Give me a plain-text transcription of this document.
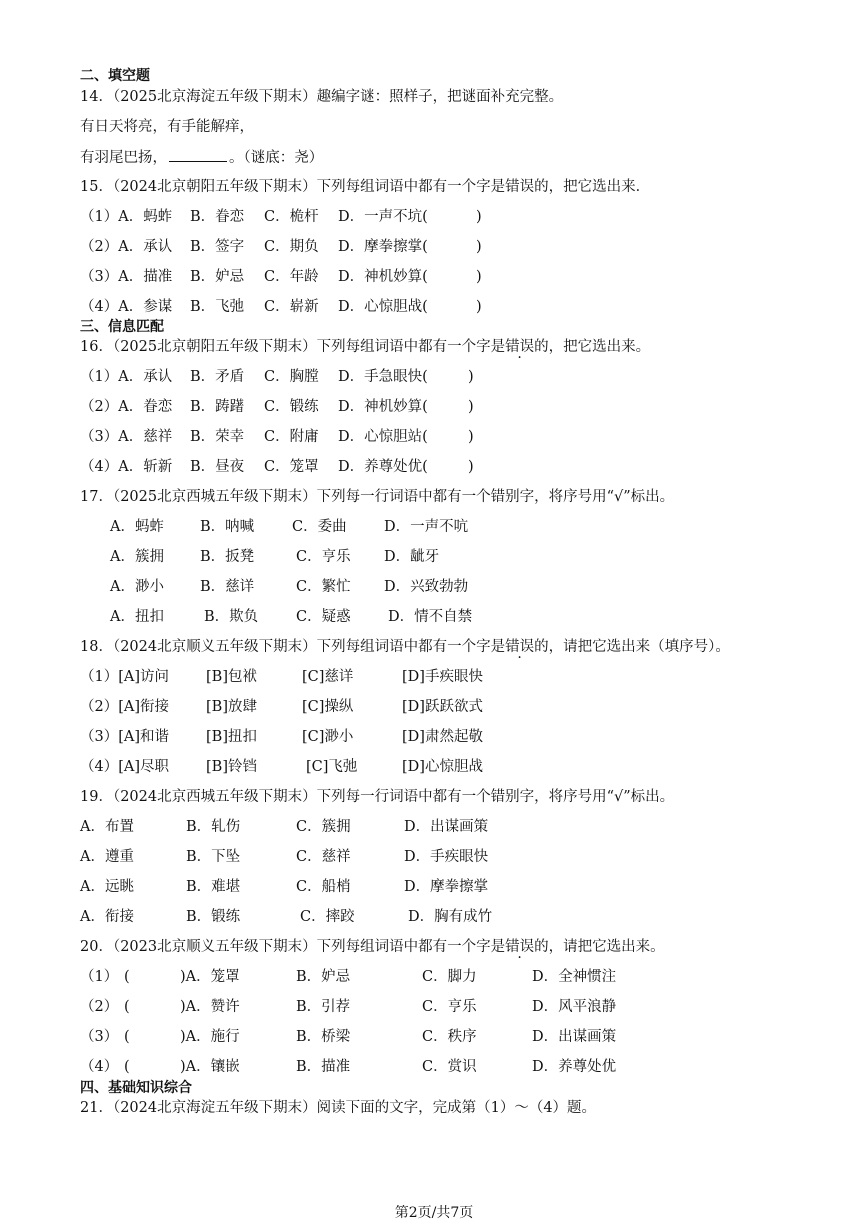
二、填空题
14．（2025北京海淀五年级下期末）趣编字谜：照样子，把谜面补充完整。
有日天将亮，有手能解痒，
有羽尾巴扬，	。（谜底：尧）
15．（2024北京朝阳五年级下期末）下列每组词语中都有一个字是错误的，把它选出来．
（1）A．蚂蚱 B．眷恋 C．桅杆 D．一声不坑(	)
（2）A．承认 B．签字 C．期负 D．摩拳擦掌(	)
（3）A．描准 B．妒忌 C．年龄 D．神机妙算(	)
（4）A．参谋 B．飞弛 C．崭新 D．心惊胆战(	)
三、信息匹配
16．（2025北京朝阳五年级下期末）下列每组词语中都有一个字是错误的，把它选出来。
（1）A．承认 B．矛盾 C．胸膛 D．手急眼快(	)
（2）A．眷恋 B．踌躇 C．锻练 D．神机妙算(	)
（3）A．慈祥 B．荣幸 C．附庸 D．心惊胆站(	)
（4）A．斩新 B．昼夜 C．笼罩 D．养尊处优(	)
17．（2025北京西城五年级下期末）下列每一行词语中都有一个错别字，将序号用“√”标出。
A．蚂蚱 B．呐喊	C．委曲	D．一声不吭
A．簇拥 B．扳凳	C．亨乐 D．龇牙
A．渺小 B．慈详	C．繁忙 D．兴致勃勃
A．扭扣	B．欺负	C．疑惑	D．情不自禁
18．（2024北京顺义五年级下期末）下列每组词语中都有一个字是错误的，请把它选出来（填序号）。
（1）[A]访问	[B]包袱	[C]慈详	[D]手疾眼快
（2）[A]衔接	[B]放肆	[C]操纵	[D]跃跃欲式
（3）[A]和谐	[B]扭扣	[C]渺小	[D]肃然起敬
（4）[A]尽职	[B]铃铛	[C]飞弛	[D]心惊胆战
19．（2024北京西城五年级下期末）下列每一行词语中都有一个错别字，将序号用“√”标出。
A．布置	B．轧伤	C．簇拥	D．出谋画策
A．遵重	B．下坠	C．慈祥	D．手疾眼快
A．远眺	B．难堪	C．船梢	D．摩拳擦掌
A．衔接	B．锻练	C．摔跤	D．胸有成竹
20．（2023北京顺义五年级下期末）下列每组词语中都有一个字是错误的，请把它选出来。
（1） (	)A．笼罩	B．妒忌	C．脚力	D．全神惯注
（2） (	)A．赞许	B．引荐	C．亨乐	D．风平浪静
（3） (	)A．施行	B．桥梁	C．秩序	D．出谋画策
（4） (	)A．镶嵌	B．描准	C．赏识	D．养尊处优
四、基础知识综合
21．（2024北京海淀五年级下期末）阅读下面的文字，完成第（1）～（4）题。
第2页/共7页
